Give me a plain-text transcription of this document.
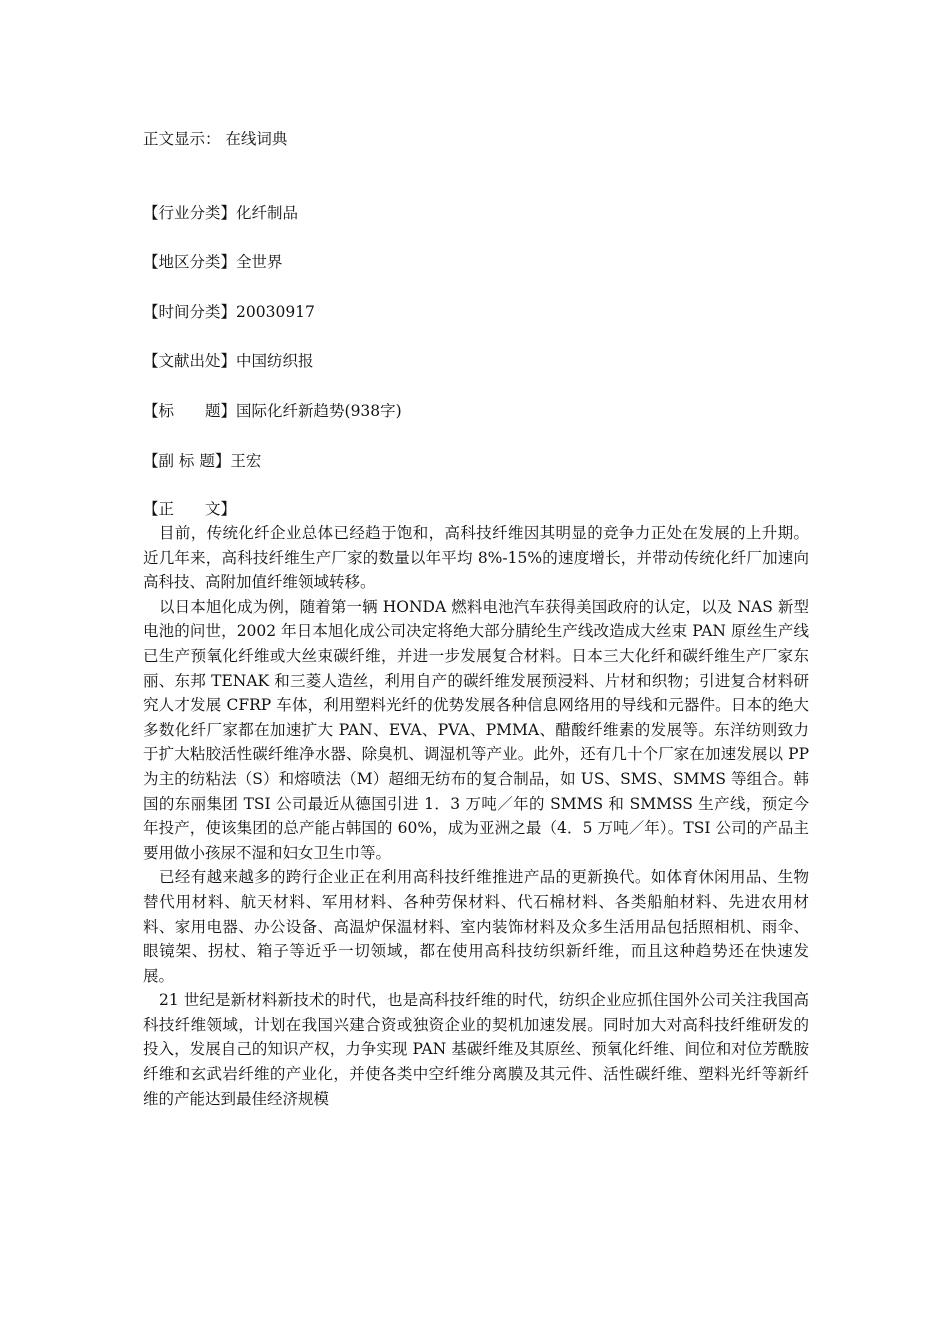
正文显示： 在线词典
【行业分类】化纤制品
【地区分类】全世界
【时间分类】20030917
【文献出处】中国纺织报
【标　　题】国际化纤新趋势(938字)
【副 标 题】王宏
【正　　文】

目前，传统化纤企业总体已经趋于饱和，高科技纤维因其明显的竞争力正处在发展的上升期。近几年来，高科技纤维生产厂家的数量以年平均 8%-15%的速度增长，并带动传统化纤厂加速向高科技、高附加值纤维领域转移。

以日本旭化成为例，随着第一辆 HONDA 燃料电池汽车获得美国政府的认定，以及 NAS 新型电池的问世，2002 年日本旭化成公司决定将绝大部分腈纶生产线改造成大丝束 PAN 原丝生产线已生产预氧化纤维或大丝束碳纤维，并进一步发展复合材料。日本三大化纤和碳纤维生产厂家东丽、东邦 TENAK 和三菱人造丝，利用自产的碳纤维发展预浸料、片材和织物；引进复合材料研究人才发展 CFRP 车体，利用塑料光纤的优势发展各种信息网络用的导线和元器件。日本的绝大多数化纤厂家都在加速扩大 PAN、EVA、PVA、PMMA、醋酸纤维素的发展等。东洋纺则致力于扩大粘胶活性碳纤维净水器、除臭机、调湿机等产业。此外，还有几十个厂家在加速发展以 PP 为主的纺粘法（S）和熔喷法（M）超细无纺布的复合制品，如 US、SMS、SMMS 等组合。韩国的东丽集团 TSI 公司最近从德国引进 1．3 万吨／年的 SMMS 和 SMMSS 生产线，预定今年投产，使该集团的总产能占韩国的 60%，成为亚洲之最（4．5 万吨／年）。TSI 公司的产品主要用做小孩尿不湿和妇女卫生巾等。

已经有越来越多的跨行企业正在利用高科技纤维推进产品的更新换代。如体育休闲用品、生物替代用材料、航天材料、军用材料、各种劳保材料、代石棉材料、各类船舶材料、先进农用材料、家用电器、办公设备、高温炉保温材料、室内装饰材料及众多生活用品包括照相机、雨伞、眼镜架、拐杖、箱子等近乎一切领域，都在使用高科技纺织新纤维，而且这种趋势还在快速发展。

21 世纪是新材料新技术的时代，也是高科技纤维的时代，纺织企业应抓住国外公司关注我国高科技纤维领域，计划在我国兴建合资或独资企业的契机加速发展。同时加大对高科技纤维研发的投入，发展自己的知识产权，力争实现 PAN 基碳纤维及其原丝、预氧化纤维、间位和对位芳酰胺纤维和玄武岩纤维的产业化，并使各类中空纤维分离膜及其元件、活性碳纤维、塑料光纤等新纤维的产能达到最佳经济规模
